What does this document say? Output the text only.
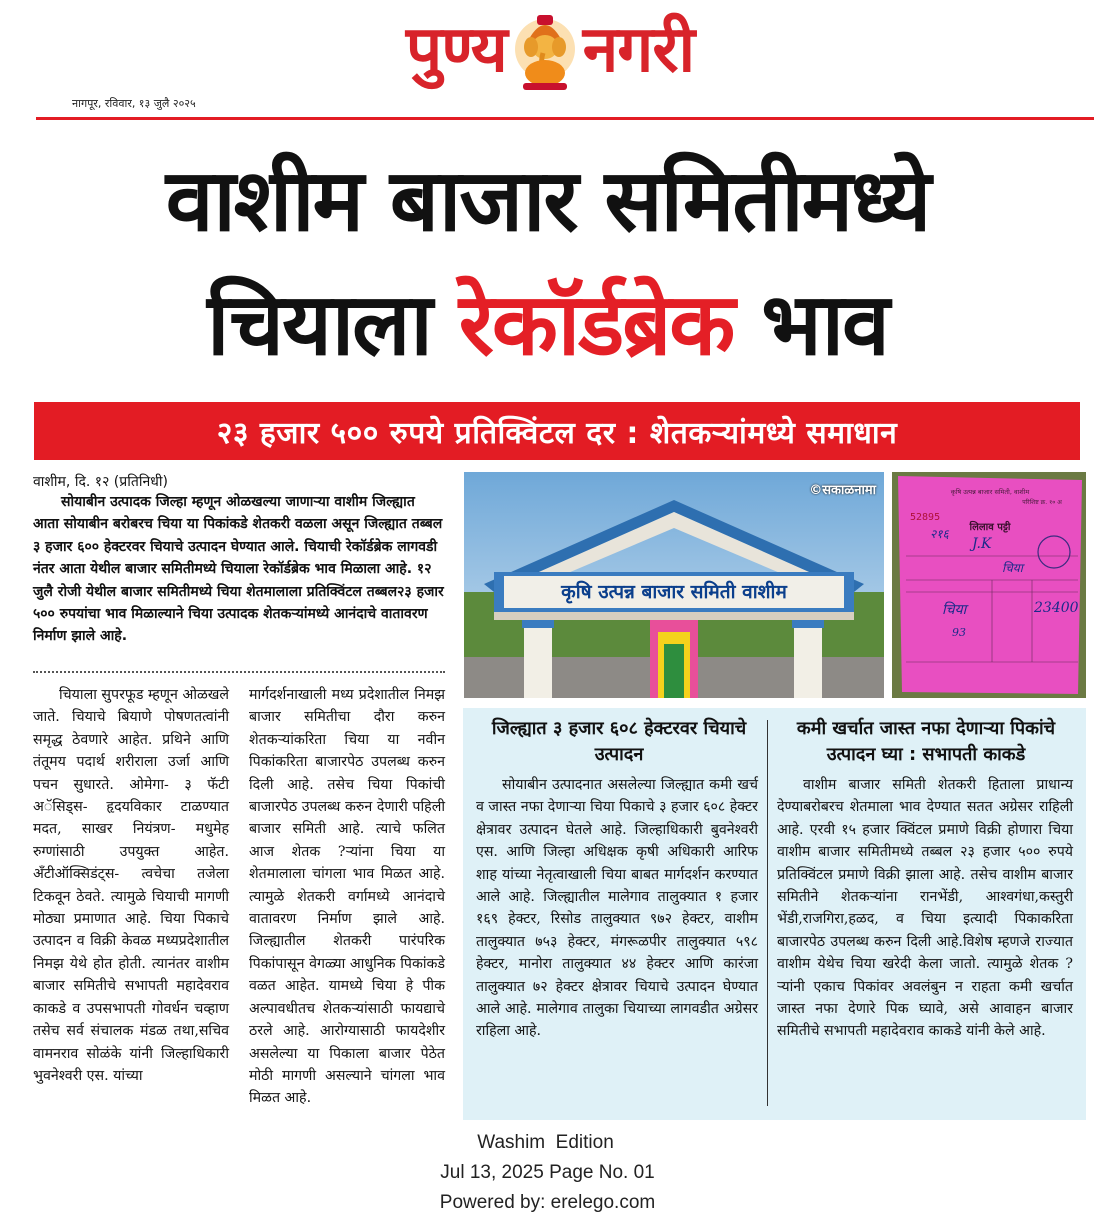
पुण्य नगरी
नागपूर, रविवार, १३ जुलै २०२५
वाशीम बाजार समितीमध्ये
चियाला रेकॉर्डब्रेक भाव
२३ हजार ५०० रुपये प्रतिक्विंटल दर : शेतकऱ्यांमध्ये समाधान
वाशीम, दि. १२ (प्रतिनिधी)

सोयाबीन उत्पादक जिल्हा म्हणून ओळखल्या जाणाऱ्या वाशीम जिल्ह्यात आता सोयाबीन बरोबरच चिया या पिकांकडे शेतकरी वळला असून जिल्ह्यात तब्बल ३ हजार ६०० हेक्टरवर चियाचे उत्पादन घेण्यात आले. चियाची रेकॉर्डब्रेक लागवडी नंतर आता येथील बाजार समितीमध्ये चियाला रेकॉर्डब्रेक भाव मिळाला आहे. १२ जुलै रोजी येथील बाजार समितीमध्ये चिया शेतमालाला प्रतिक्विंटल तब्बल२३ हजार ५०० रुपयांचा भाव मिळाल्याने चिया उत्पादक शेतकऱ्यांमध्ये आनंदाचे वातावरण निर्माण झाले आहे.

चियाला सुपरफूड म्हणून ओळखले जाते. चियाचे बियाणे पोषणतत्वांनी समृद्ध ठेवणारे आहेत. प्रथिने आणि तंतूमय पदार्थ शरीराला उर्जा आणि पचन सुधारते. ओमेगा- ३ फॅटी अॅसिड्स- हृदयविकार टाळण्यात मदत, साखर नियंत्रण- मधुमेह रुग्णांसाठी उपयुक्त आहेत. अँटीऑक्सिडंट्स- त्वचेचा तजेला टिकवून ठेवते. त्यामुळे चियाची मागणी मोठ्या प्रमाणात आहे. चिया पिकाचे उत्पादन व विक्री केवळ मध्यप्रदेशातील निमझ येथे होत होती. त्यानंतर वाशीम बाजार समितीचे सभापती महादेवराव काकडे व उपसभापती गोवर्धन चव्हाण तसेच सर्व संचालक मंडळ तथा,सचिव वामनराव सोळंके यांनी जिल्हाधिकारी भुवनेश्वरी एस. यांच्या

मार्गदर्शनाखाली मध्य प्रदेशातील निमझ बाजार समितीचा दौरा करुन शेतकऱ्यांकरिता चिया या नवीन पिकांकरिता बाजारपेठ उपलब्ध करुन दिली आहे. तसेच चिया पिकांची बाजारपेठ उपलब्ध करुन देणारी पहिली बाजार समिती आहे. त्याचे फलित आज शेतक ?ऱ्यांना चिया या शेतमालाला चांगला भाव मिळत आहे. त्यामुळे शेतकरी वर्गामध्ये आनंदाचे वातावरण निर्माण झाले आहे. जिल्ह्यातील शेतकरी पारंपरिक पिकांपासून वेगळ्या आधुनिक पिकांकडे वळत आहेत. यामध्ये चिया हे पीक अल्पावधीतच शेतकऱ्यांसाठी फायद्याचे ठरले आहे. आरोग्यासाठी फायदेशीर असलेल्या या पिकाला बाजार पेठेत मोठी मागणी असल्याने चांगला भाव मिळत आहे.

कृषि उत्पन्न बाजार समिती वाशीम
©सकाळनामा	कृषि उत्पन्न बाजार समिती, वाशीम
परिशिष्ट क्र. १० अ
52895
लिलाव पट्टी
२१६
J.K
चिया
चिया	23400
93
जिल्ह्यात ३ हजार ६०८ हेक्टरवर चियाचे उत्पादन
कमी खर्चात जास्त नफा देणाऱ्या पिकांचे उत्पादन घ्या : सभापती काकडे

सोयाबीन उत्पादनात असलेल्या जिल्ह्यात कमी खर्च व जास्त नफा देणाऱ्या चिया पिकाचे ३ हजार ६०८ हेक्टर क्षेत्रावर उत्पादन घेतले आहे. जिल्हाधिकारी बुवनेश्वरी एस. आणि जिल्हा अधिक्षक कृषी अधिकारी आरिफ शाह यांच्या नेतृत्वाखाली चिया बाबत मार्गदर्शन करण्यात आले आहे. जिल्ह्यातील मालेगाव तालुक्यात १ हजार १६९ हेक्टर, रिसोड तालुक्यात ९७२ हेक्टर, वाशीम तालुक्यात ७५३ हेक्टर, मंगरूळपीर तालुक्यात ५९८ हेक्टर, मानोरा तालुक्यात ४४ हेक्टर आणि कारंजा तालुक्यात ७२ हेक्टर क्षेत्रावर चियाचे उत्पादन घेण्यात आले आहे. मालेगाव तालुका चियाच्या लागवडीत अग्रेसर राहिला आहे.

वाशीम बाजार समिती शेतकरी हिताला प्राधान्य देण्याबरोबरच शेतमाला भाव देण्यात सतत अग्रेसर राहिली आहे. एरवी १५ हजार क्विंटल प्रमाणे विक्री होणारा चिया वाशीम बाजार समितीमध्ये तब्बल २३ हजार ५०० रुपये प्रतिक्विंटल प्रमाणे विक्री झाला आहे. तसेच वाशीम बाजार समितीने शेतकऱ्यांना रानभेंडी, आश्वगंधा,कस्तुरी भेंडी,राजगिरा,हळद, व चिया इत्यादी पिकाकरिता बाजारपेठ उपलब्ध करुन दिली आहे.विशेष म्हणजे राज्यात वाशीम येथेच चिया खरेदी केला जातो. त्यामुळे शेतक ?ऱ्यांनी एकाच पिकांवर अवलंबुन न राहता कमी खर्चात जास्त नफा देणारे पिक घ्यावे, असे आवाहन बाजार समितीचे सभापती महादेवराव काकडे यांनी केले आहे.

Washim  Edition
Jul 13, 2025 Page No. 01
Powered by: erelego.com
